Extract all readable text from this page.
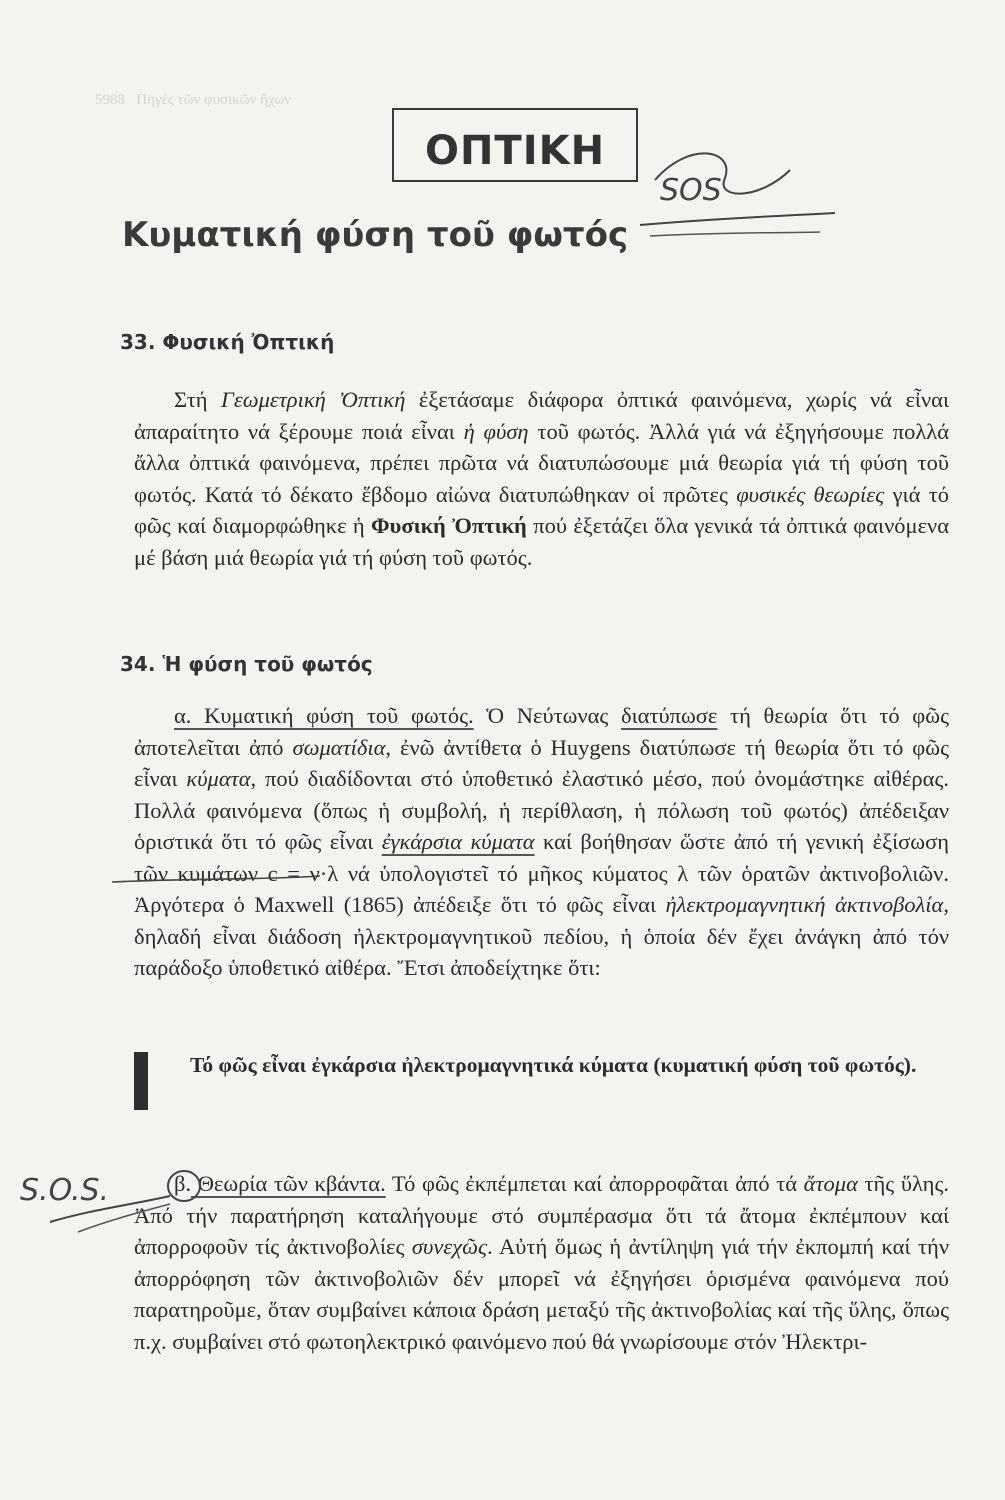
5988   Πηγές τῶν φυσικῶν ἤχων
ΟΠΤΙΚΗ
Κυματική φύση τοῦ φωτός
33. Φυσική Ὀπτική

Στή Γεωμετρική Ὀπτική ἐξετάσαμε διάφορα ὀπτικά φαινόμενα, χωρίς νά εἶναι ἀπαραίτητο νά ξέρουμε ποιά εἶναι ἡ φύση τοῦ φωτός. Ἀλλά γιά νά ἐξηγήσουμε πολλά ἄλλα ὀπτικά φαινόμενα, πρέπει πρῶτα νά διατυπώσουμε μιά θεωρία γιά τή φύση τοῦ φωτός. Κατά τό δέκατο ἕβδομο αἰώνα διατυπώθηκαν οἱ πρῶτες φυσικές θεωρίες γιά τό φῶς καί διαμορφώθηκε ἡ Φυσική Ὀπτική πού ἐξετάζει ὅλα γενικά τά ὀπτικά φαινόμενα μέ βάση μιά θεωρία γιά τή φύση τοῦ φωτός.

34. Ἡ φύση τοῦ φωτός

α. Κυματική φύση τοῦ φωτός. Ὁ Νεύτωνας διατύπωσε τή θεωρία ὅτι τό φῶς ἀποτελεῖται ἀπό σωματίδια, ἐνῶ ἀντίθετα ὁ Huygens διατύπωσε τή θεωρία ὅτι τό φῶς εἶναι κύματα, πού διαδίδονται στό ὑποθετικό ἐλαστικό μέσο, πού ὀνομάστηκε αἰθέρας. Πολλά φαινόμενα (ὅπως ἡ συμβολή, ἡ περίθλαση, ἡ πόλωση τοῦ φωτός) ἀπέδειξαν ὁριστικά ὅτι τό φῶς εἶναι ἐγκάρσια κύματα καί βοήθησαν ὥστε ἀπό τή γενική ἐξίσωση τῶν κυμάτων c = ν·λ νά ὑπολογιστεῖ τό μῆκος κύματος λ τῶν ὁρατῶν ἀκτινοβολιῶν. Ἀργότερα ὁ Maxwell (1865) ἀπέδειξε ὅτι τό φῶς εἶναι ἠλεκτρομαγνητική ἀκτινοβολία, δηλαδή εἶναι διάδοση ἠλεκτρομαγνητικοῦ πεδίου, ἡ ὁποία δέν ἔχει ἀνάγκη ἀπό τόν παράδοξο ὑποθετικό αἰθέρα. Ἔτσι ἀποδείχτηκε ὅτι:

Τό φῶς εἶναι ἐγκάρσια ἠλεκτρομαγνητικά κύματα (κυματική φύση τοῦ φωτός).

β. Θεωρία τῶν κβάντα. Τό φῶς ἐκπέμπεται καί ἀπορροφᾶται ἀπό τά ἄτομα τῆς ὕλης. Ἀπό τήν παρατήρηση καταλήγουμε στό συμπέρασμα ὅτι τά ἄτομα ἐκπέμπουν καί ἀπορροφοῦν τίς ἀκτινοβολίες συνεχῶς. Αὐτή ὅμως ἡ ἀντίληψη γιά τήν ἐκπομπή καί τήν ἀπορρόφηση τῶν ἀκτινοβολιῶν δέν μπορεῖ νά ἐξηγήσει ὁρισμένα φαινόμενα πού παρατηροῦμε, ὅταν συμβαίνει κάποια δράση μεταξύ τῆς ἀκτινοβολίας καί τῆς ὕλης, ὅπως π.χ. συμβαίνει στό φωτοηλεκτρικό φαινόμενο πού θά γνωρίσουμε στόν Ἠλεκτρι-

SOS
S.O.S.
